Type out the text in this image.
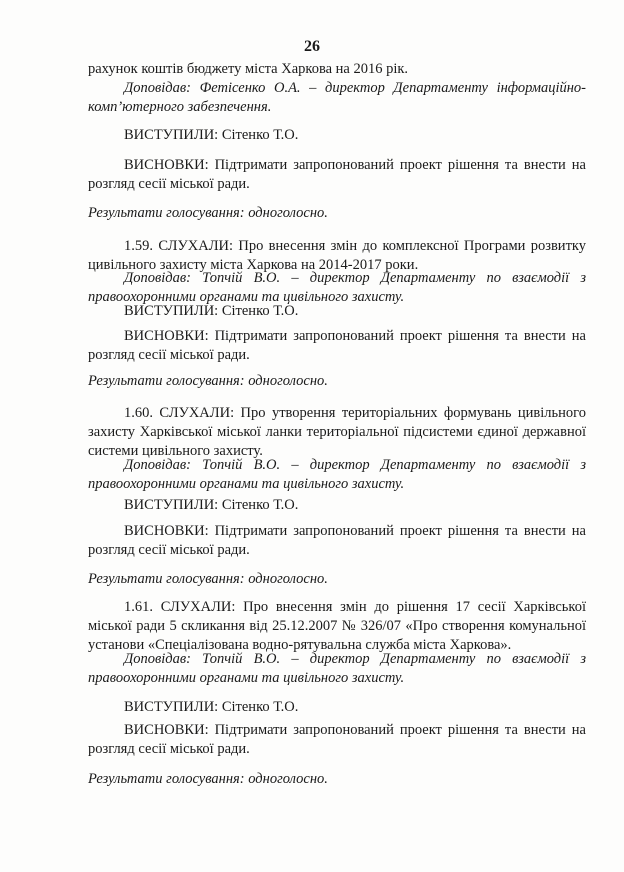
26

рахунок коштів бюджету міста Харкова на 2016 рік.

Доповідав: Фетісенко О.А. – директор Департаменту інформаційно-комп’ютерного забезпечення.

ВИСТУПИЛИ: Сітенко Т.О.

ВИСНОВКИ: Підтримати запропонований проект рішення та внести на розгляд сесії міської ради.

Результати голосування: одноголосно.

1.59. СЛУХАЛИ: Про внесення змін до комплексної Програми розвитку цивільного захисту міста Харкова на 2014-2017 роки.

Доповідав: Топчій В.О. – директор Департаменту по взаємодії з правоохоронними органами та цивільного захисту.

ВИСТУПИЛИ: Сітенко Т.О.

ВИСНОВКИ: Підтримати запропонований проект рішення та внести на розгляд сесії міської ради.

Результати голосування: одноголосно.

1.60. СЛУХАЛИ: Про утворення територіальних формувань цивільного захисту Харківської міської ланки територіальної підсистеми єдиної державної системи цивільного захисту.

Доповідав: Топчій В.О. – директор Департаменту по взаємодії з правоохоронними органами та цивільного захисту.

ВИСТУПИЛИ: Сітенко Т.О.

ВИСНОВКИ: Підтримати запропонований проект рішення та внести на розгляд сесії міської ради.

Результати голосування: одноголосно.

1.61. СЛУХАЛИ: Про внесення змін до рішення 17 сесії Харківської міської ради 5 скликання від 25.12.2007 № 326/07 «Про створення комунальної установи «Спеціалізована водно-рятувальна служба міста Харкова».

Доповідав: Топчій В.О. – директор Департаменту по взаємодії з правоохоронними органами та цивільного захисту.

ВИСТУПИЛИ: Сітенко Т.О.

ВИСНОВКИ: Підтримати запропонований проект рішення та внести на розгляд сесії міської ради.

Результати голосування: одноголосно.
